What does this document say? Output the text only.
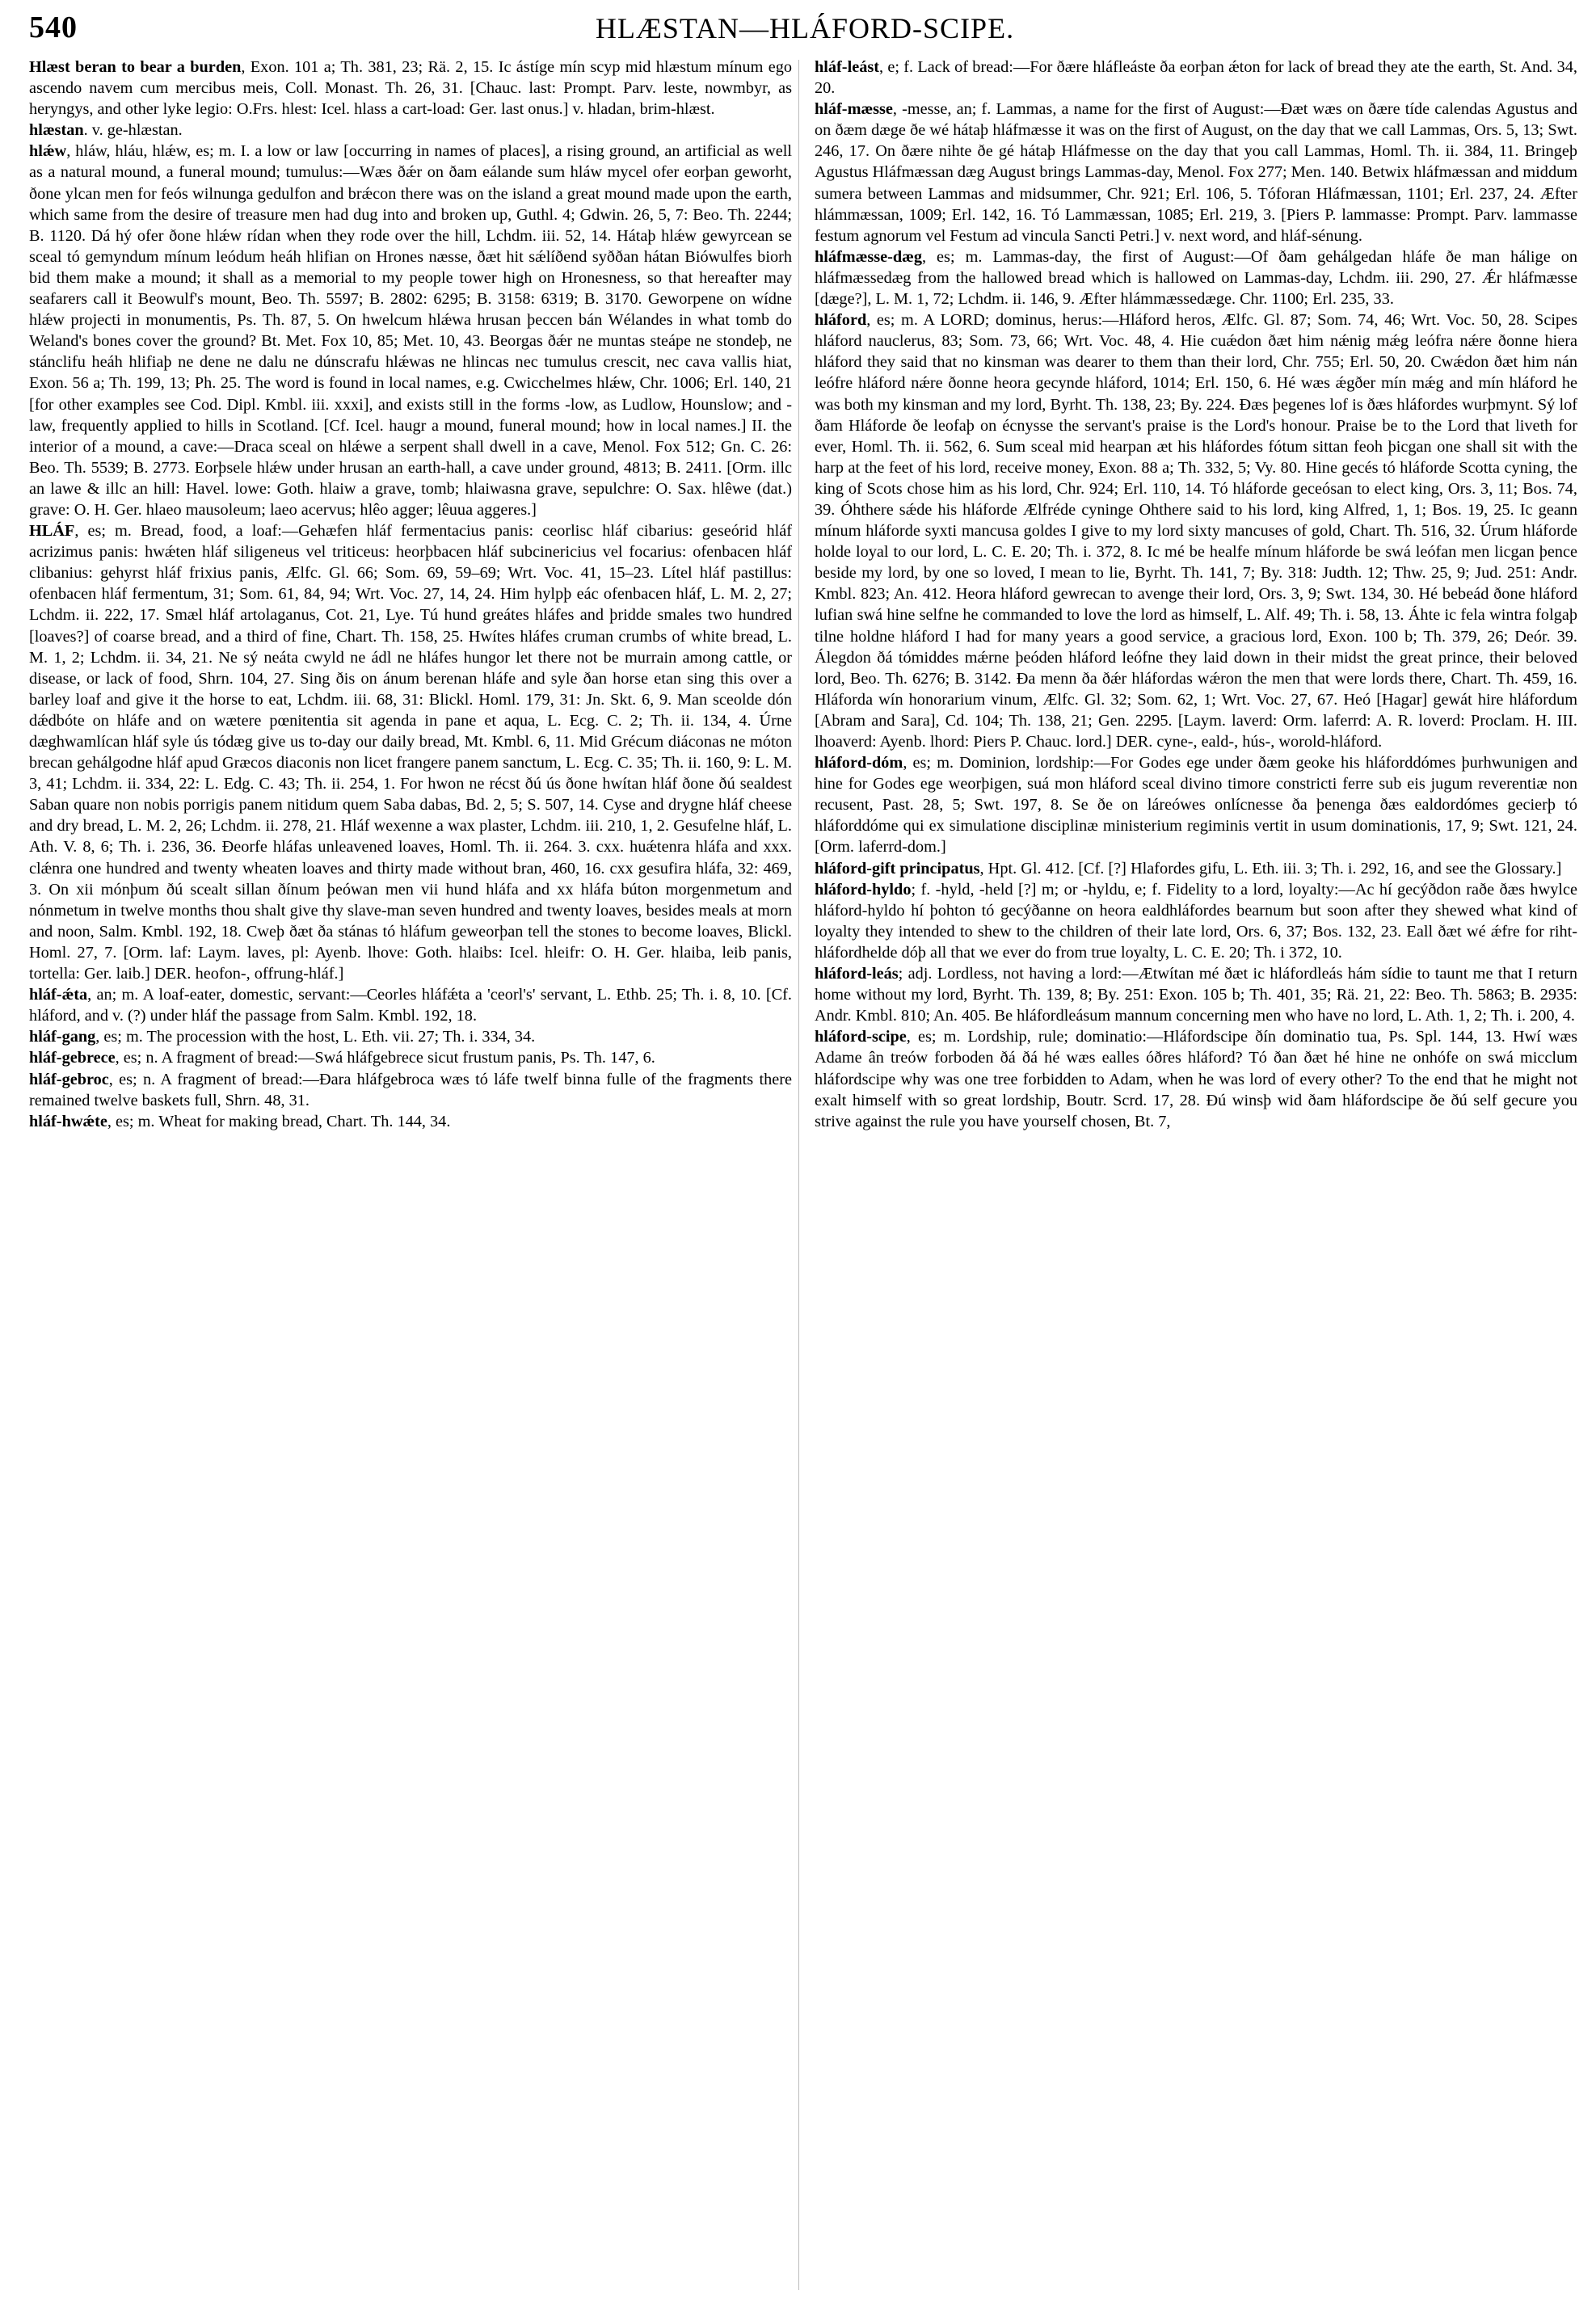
540	HLÆSTAN—HLÁFORD-SCIPE.

Hlæst beran to bear a burden, Exon. 101 a; Th. 381, 23; Rä. 2, 15. Ic ástíge mín scyp mid hlæstum mínum ego ascendo navem cum mercibus meis, Coll. Monast. Th. 26, 31. [Chauc. last: Prompt. Parv. leste, nowmbyr, as heryngys, and other lyke legio: O.Frs. hlest: Icel. hlass a cart-load: Ger. last onus.] v. hladan, brim-hlæst.

hlæstan. v. ge-hlæstan.

hlǽw, hláw, hláu, hlǽw, es; m. I. a low or law [occurring in names of places], a rising ground, an artificial as well as a natural mound, a funeral mound; tumulus:—Wæs ðǽr on ðam eálande sum hláw mycel ofer eorþan geworht, ðone ylcan men for feós wilnunga gedulfon and brǽcon there was on the island a great mound made upon the earth, which same from the desire of treasure men had dug into and broken up, Guthl. 4; Gdwin. 26, 5, 7: Beo. Th. 2244; B. 1120. Dá hý ofer ðone hlǽw rídan when they rode over the hill, Lchdm. iii. 52, 14. Hátaþ hlǽw gewyrcean se sceal tó gemyndum mínum leódum heáh hlifian on Hrones næsse, ðæt hit sǽlíðend syððan hátan Biówulfes biorh bid them make a mound; it shall as a memorial to my people tower high on Hronesness, so that hereafter may seafarers call it Beowulf's mount, Beo. Th. 5597; B. 2802: 6295; B. 3158: 6319; B. 3170. Geworpene on wídne hlǽw projecti in monumentis, Ps. Th. 87, 5. On hwelcum hlǽwa hrusan þeccen bán Wélandes in what tomb do Weland's bones cover the ground? Bt. Met. Fox 10, 85; Met. 10, 43. Beorgas ðǽr ne muntas steápe ne stondeþ, ne stánclifu heáh hlifiaþ ne dene ne dalu ne dúnscrafu hlǽwas ne hlincas nec tumulus crescit, nec cava vallis hiat, Exon. 56 a; Th. 199, 13; Ph. 25. The word is found in local names, e.g. Cwicchelmes hlǽw, Chr. 1006; Erl. 140, 21 [for other examples see Cod. Dipl. Kmbl. iii. xxxi], and exists still in the forms -low, as Ludlow, Hounslow; and -law, frequently applied to hills in Scotland. [Cf. Icel. haugr a mound, funeral mound; how in local names.] II. the interior of a mound, a cave:—Draca sceal on hlǽwe a serpent shall dwell in a cave, Menol. Fox 512; Gn. C. 26: Beo. Th. 5539; B. 2773. Eorþsele hlǽw under hrusan an earth-hall, a cave under ground, 4813; B. 2411. [Orm. illc an lawe & illc an hill: Havel. lowe: Goth. hlaiw a grave, tomb; hlaiwasna grave, sepulchre: O. Sax. hlêwe (dat.) grave: O. H. Ger. hlaeo mausoleum; laeo acervus; hlêo agger; lêuua aggeres.]

HLÁF, es; m. Bread, food, a loaf:—Gehæfen hláf fermentacius panis: ceorlisc hláf cibarius: geseórid hláf acrizimus panis: hwǽten hláf siligeneus vel triticeus: heorþbacen hláf subcinericius vel focarius: ofenbacen hláf clibanius: gehyrst hláf frixius panis, Ælfc. Gl. 66; Som. 69, 59–69; Wrt. Voc. 41, 15–23. Lítel hláf pastillus: ofenbacen hláf fermentum, 31; Som. 61, 84, 94; Wrt. Voc. 27, 14, 24. Him hylpþ eác ofenbacen hláf, L. M. 2, 27; Lchdm. ii. 222, 17. Smæl hláf artolaganus, Cot. 21, Lye. Tú hund greátes hláfes and þridde smales two hundred [loaves?] of coarse bread, and a third of fine, Chart. Th. 158, 25. Hwítes hláfes cruman crumbs of white bread, L. M. 1, 2; Lchdm. ii. 34, 21. Ne sý neáta cwyld ne ádl ne hláfes hungor let there not be murrain among cattle, or disease, or lack of food, Shrn. 104, 27. Sing ðis on ánum berenan hláfe and syle ðan horse etan sing this over a barley loaf and give it the horse to eat, Lchdm. iii. 68, 31: Blickl. Homl. 179, 31: Jn. Skt. 6, 9. Man sceolde dón dǽdbóte on hláfe and on wætere pœnitentia sit agenda in pane et aqua, L. Ecg. C. 2; Th. ii. 134, 4. Úrne dæghwamlícan hláf syle ús tódæg give us to-day our daily bread, Mt. Kmbl. 6, 11. Mid Grécum diáconas ne móton brecan gehálgodne hláf apud Græcos diaconis non licet frangere panem sanctum, L. Ecg. C. 35; Th. ii. 160, 9: L. M. 3, 41; Lchdm. ii. 334, 22: L. Edg. C. 43; Th. ii. 254, 1. For hwon ne récst ðú ús ðone hwítan hláf ðone ðú sealdest Saban quare non nobis porrigis panem nitidum quem Saba dabas, Bd. 2, 5; S. 507, 14. Cyse and drygne hláf cheese and dry bread, L. M. 2, 26; Lchdm. ii. 278, 21. Hláf wexenne a wax plaster, Lchdm. iii. 210, 1, 2. Gesufelne hláf, L. Ath. V. 8, 6; Th. i. 236, 36. Ðeorfe hláfas unleavened loaves, Homl. Th. ii. 264. 3. cxx. huǽtenra hláfa and xxx. clǽnra one hundred and twenty wheaten loaves and thirty made without bran, 460, 16. cxx gesufira hláfa, 32: 469, 3. On xii mónþum ðú scealt sillan ðínum þeówan men vii hund hláfa and xx hláfa búton morgenmetum and nónmetum in twelve months thou shalt give thy slave-man seven hundred and twenty loaves, besides meals at morn and noon, Salm. Kmbl. 192, 18. Cweþ ðæt ða stánas tó hláfum geweorþan tell the stones to become loaves, Blickl. Homl. 27, 7. [Orm. laf: Laym. laves, pl: Ayenb. lhove: Goth. hlaibs: Icel. hleifr: O. H. Ger. hlaiba, leib panis, tortella: Ger. laib.] DER. heofon-, offrung-hláf.]

hláf-ǽta, an; m. A loaf-eater, domestic, servant:—Ceorles hláfǽta a 'ceorl's' servant, L. Ethb. 25; Th. i. 8, 10. [Cf. hláford, and v. (?) under hláf the passage from Salm. Kmbl. 192, 18.

hláf-gang, es; m. The procession with the host, L. Eth. vii. 27; Th. i. 334, 34.

hláf-gebrece, es; n. A fragment of bread:—Swá hláfgebrece sicut frustum panis, Ps. Th. 147, 6.

hláf-gebroc, es; n. A fragment of bread:—Ðara hláfgebroca wæs tó láfe twelf binna fulle of the fragments there remained twelve baskets full, Shrn. 48, 31.

hláf-hwǽte, es; m. Wheat for making bread, Chart. Th. 144, 34.

hláf-leást, e; f. Lack of bread:—For ðære hláfleáste ða eorþan ǽton for lack of bread they ate the earth, St. And. 34, 20.

hláf-mæsse, -messe, an; f. Lammas, a name for the first of August:—Ðæt wæs on ðære tíde calendas Agustus and on ðæm dæge ðe wé hátaþ hláfmæsse it was on the first of August, on the day that we call Lammas, Ors. 5, 13; Swt. 246, 17. On ðære nihte ðe gé hátaþ Hláfmesse on the day that you call Lammas, Homl. Th. ii. 384, 11. Bringeþ Agustus Hláfmæssan dæg August brings Lammas-day, Menol. Fox 277; Men. 140. Betwix hláfmæssan and middum sumera between Lammas and midsummer, Chr. 921; Erl. 106, 5. Tóforan Hláfmæssan, 1101; Erl. 237, 24. Æfter hlámmæssan, 1009; Erl. 142, 16. Tó Lammæssan, 1085; Erl. 219, 3. [Piers P. lammasse: Prompt. Parv. lammasse festum agnorum vel Festum ad vincula Sancti Petri.] v. next word, and hláf-sénung.

hláfmæsse-dæg, es; m. Lammas-day, the first of August:—Of ðam gehálgedan hláfe ðe man hálige on hláfmæssedæg from the hallowed bread which is hallowed on Lammas-day, Lchdm. iii. 290, 27. Ǽr hláfmæsse [dæge?], L. M. 1, 72; Lchdm. ii. 146, 9. Æfter hlámmæssedæge. Chr. 1100; Erl. 235, 33.

hláford, es; m. A LORD; dominus, herus:—Hláford heros, Ælfc. Gl. 87; Som. 74, 46; Wrt. Voc. 50, 28. Scipes hláford nauclerus, 83; Som. 73, 66; Wrt. Voc. 48, 4. Hie cuǽdon ðæt him nǽnig mǽg leófra nǽre ðonne hiera hláford they said that no kinsman was dearer to them than their lord, Chr. 755; Erl. 50, 20. Cwǽdon ðæt him nán leófre hláford nǽre ðonne heora gecynde hláford, 1014; Erl. 150, 6. Hé wæs ǽgðer mín mǽg and mín hláford he was both my kinsman and my lord, Byrht. Th. 138, 23; By. 224. Ðæs þegenes lof is ðæs hláfordes wurþmynt. Sý lof ðam Hláforde ðe leofaþ on écnysse the servant's praise is the Lord's honour. Praise be to the Lord that liveth for ever, Homl. Th. ii. 562, 6. Sum sceal mid hearpan æt his hláfordes fótum sittan feoh þicgan one shall sit with the harp at the feet of his lord, receive money, Exon. 88 a; Th. 332, 5; Vy. 80. Hine gecés tó hláforde Scotta cyning, the king of Scots chose him as his lord, Chr. 924; Erl. 110, 14. Tó hláforde geceósan to elect king, Ors. 3, 11; Bos. 74, 39. Óhthere sǽde his hláforde Ælfréde cyninge Ohthere said to his lord, king Alfred, 1, 1; Bos. 19, 25. Ic geann mínum hláforde syxti mancusa goldes I give to my lord sixty mancuses of gold, Chart. Th. 516, 32. Úrum hláforde holde loyal to our lord, L. C. E. 20; Th. i. 372, 8. Ic mé be healfe mínum hláforde be swá leófan men licgan þence beside my lord, by one so loved, I mean to lie, Byrht. Th. 141, 7; By. 318: Judth. 12; Thw. 25, 9; Jud. 251: Andr. Kmbl. 823; An. 412. Heora hláford gewrecan to avenge their lord, Ors. 3, 9; Swt. 134, 30. Hé bebeád ðone hláford lufian swá hine selfne he commanded to love the lord as himself, L. Alf. 49; Th. i. 58, 13. Áhte ic fela wintra folgaþ tilne holdne hláford I had for many years a good service, a gracious lord, Exon. 100 b; Th. 379, 26; Deór. 39. Álegdon ðá tómiddes mǽrne þeóden hláford leófne they laid down in their midst the great prince, their beloved lord, Beo. Th. 6276; B. 3142. Ða menn ða ðǽr hláfordas wǽron the men that were lords there, Chart. Th. 459, 16. Hláforda wín honorarium vinum, Ælfc. Gl. 32; Som. 62, 1; Wrt. Voc. 27, 67. Heó [Hagar] gewát hire hláfordum [Abram and Sara], Cd. 104; Th. 138, 21; Gen. 2295. [Laym. laverd: Orm. laferrd: A. R. loverd: Proclam. H. III. lhoaverd: Ayenb. lhord: Piers P. Chauc. lord.] DER. cyne-, eald-, hús-, worold-hláford.

hláford-dóm, es; m. Dominion, lordship:—For Godes ege under ðæm geoke his hláforddómes þurhwunigen and hine for Godes ege weorþigen, suá mon hláford sceal divino timore constricti ferre sub eis jugum reverentiæ non recusent, Past. 28, 5; Swt. 197, 8. Se ðe on láreówes onlícnesse ða þenenga ðæs ealdordómes gecierþ tó hláforddóme qui ex simulatione disciplinæ ministerium regiminis vertit in usum dominationis, 17, 9; Swt. 121, 24. [Orm. laferrd-dom.]

hláford-gift principatus, Hpt. Gl. 412. [Cf. [?] Hlafordes gifu, L. Eth. iii. 3; Th. i. 292, 16, and see the Glossary.]

hláford-hyldo; f. -hyld, -held [?] m; or -hyldu, e; f. Fidelity to a lord, loyalty:—Ac hí gecýðdon raðe ðæs hwylce hláford-hyldo hí þohton tó gecýðanne on heora ealdhláfordes bearnum but soon after they shewed what kind of loyalty they intended to shew to the children of their late lord, Ors. 6, 37; Bos. 132, 23. Eall ðæt wé ǽfre for riht-hláfordhelde dóþ all that we ever do from true loyalty, L. C. E. 20; Th. i 372, 10.

hláford-leás; adj. Lordless, not having a lord:—Ætwítan mé ðæt ic hláfordleás hám sídie to taunt me that I return home without my lord, Byrht. Th. 139, 8; By. 251: Exon. 105 b; Th. 401, 35; Rä. 21, 22: Beo. Th. 5863; B. 2935: Andr. Kmbl. 810; An. 405. Be hláfordleásum mannum concerning men who have no lord, L. Ath. 1, 2; Th. i. 200, 4.

hláford-scipe, es; m. Lordship, rule; dominatio:—Hláfordscipe ðín dominatio tua, Ps. Spl. 144, 13. Hwí wæs Adame ân treów forboden ðá ðá hé wæs ealles óðres hláford? Tó ðan ðæt hé hine ne onhófe on swá micclum hláfordscipe why was one tree forbidden to Adam, when he was lord of every other? To the end that he might not exalt himself with so great lordship, Boutr. Scrd. 17, 28. Ðú winsþ wid ðam hláfordscipe ðe ðú self gecure you strive against the rule you have yourself chosen, Bt. 7,
